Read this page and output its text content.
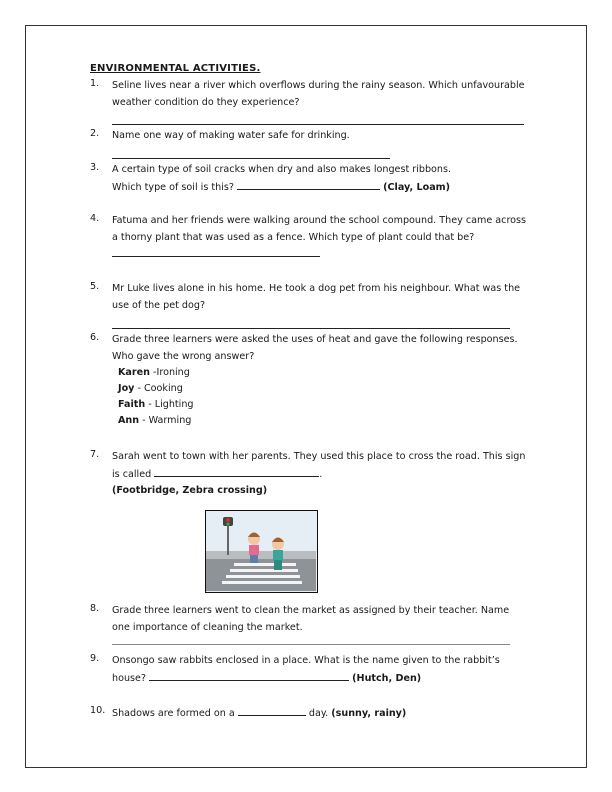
ENVIRONMENTAL ACTIVITIES.
1. Seline lives near a river which overflows during the rainy season. Which unfavourable weather condition do they experience?
2. Name one way of making water safe for drinking.
3. A certain type of soil cracks when dry and also makes longest ribbons.
Which type of soil is this?	(Clay, Loam)
4. Fatuma and her friends were walking around the school compound. They came across a thorny plant that was used as a fence. Which type of plant could that be?
5. Mr Luke lives alone in his home. He took a dog pet from his neighbour. What was the use of the pet dog?
6. Grade three learners were asked the uses of heat and gave the following responses. Who gave the wrong answer?
Karen -Ironing
Joy - Cooking
Faith - Lighting
Ann - Warming
7. Sarah went to town with her parents. They used this place to cross the road. This sign is called	.
(Footbridge, Zebra crossing)
8. Grade three learners went to clean the market as assigned by their teacher. Name one importance of cleaning the market.
9. Onsongo saw rabbits enclosed in a place. What is the name given to the rabbit’s house?	(Hutch, Den)
10. Shadows are formed on a	day. (sunny, rainy)
